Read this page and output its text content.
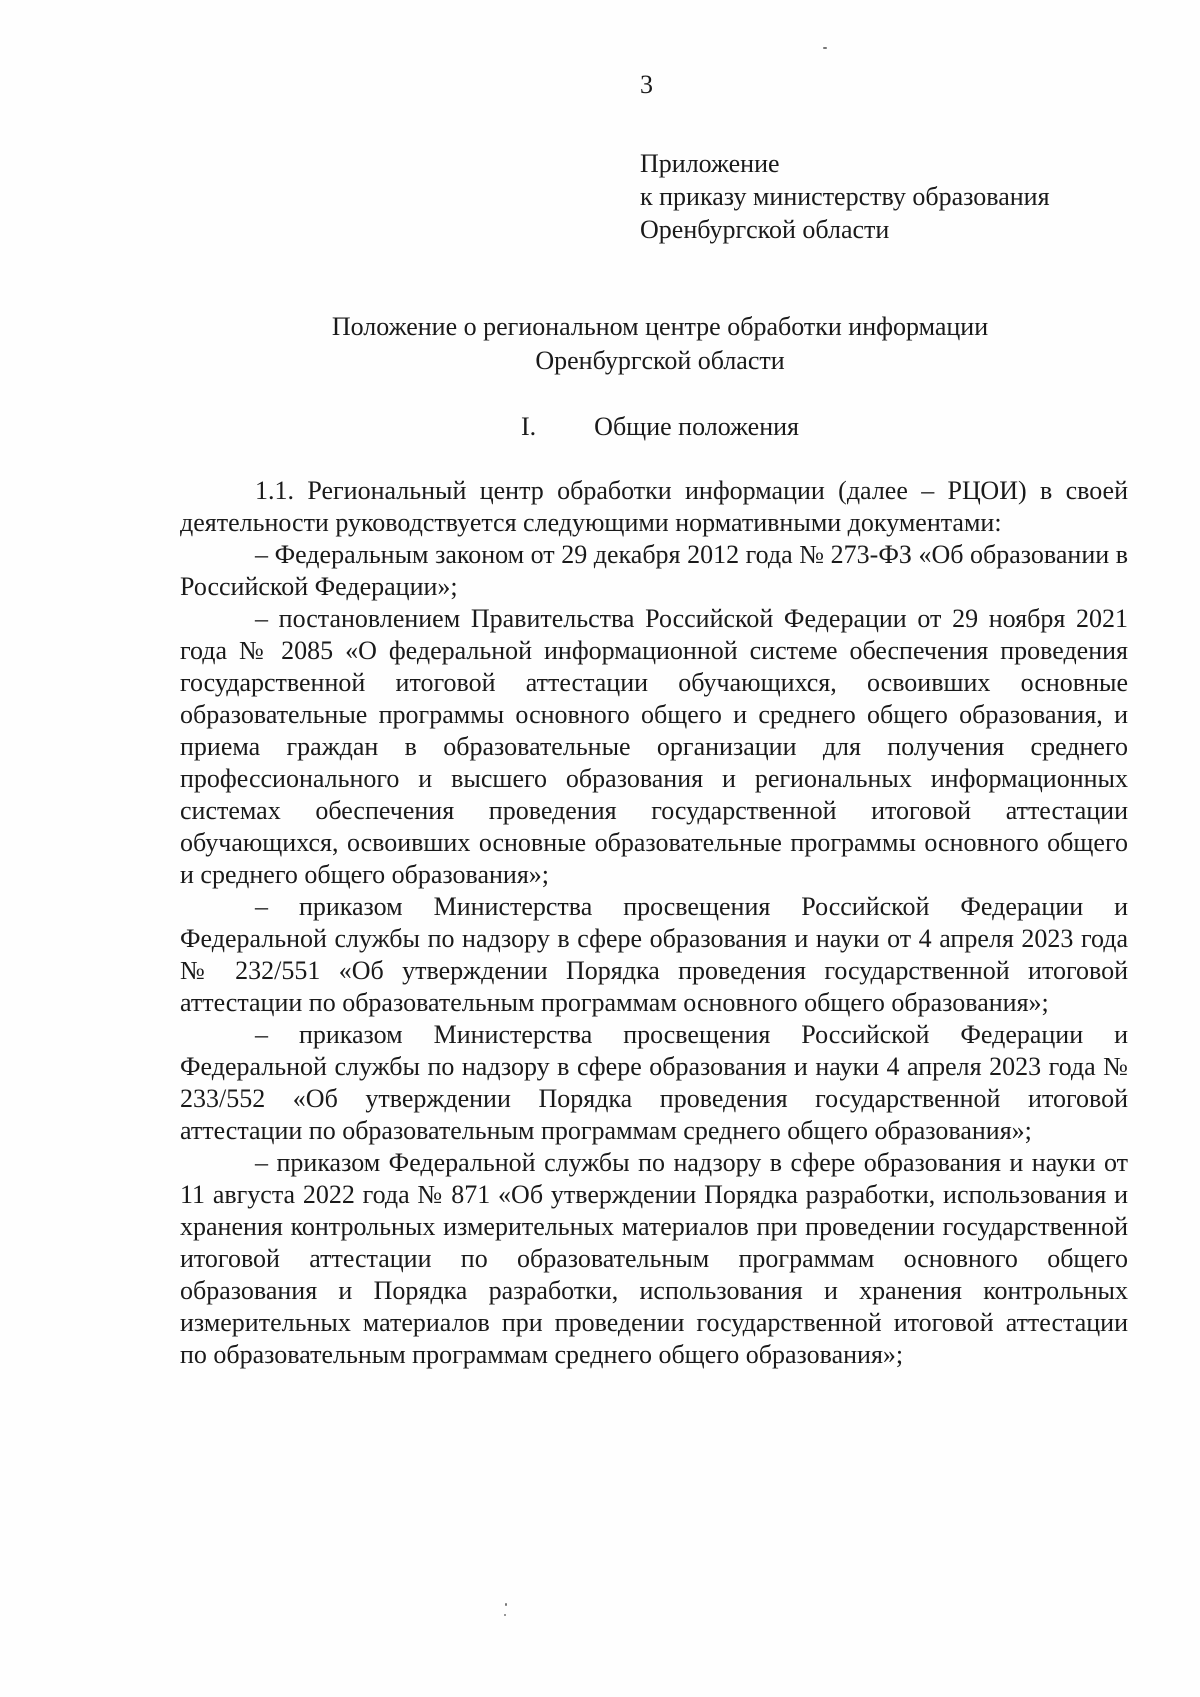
3
Приложение
к приказу министерству образования
Оренбургской области
Положение о региональном центре обработки информации
Оренбургской области
I. Общие положения

1.1. Региональный центр обработки информации (далее – РЦОИ) в своей деятельности руководствуется следующими нормативными документами:

– Федеральным законом от 29 декабря 2012 года № 273-ФЗ «Об образовании в Российской Федерации»;

– постановлением Правительства Российской Федерации от 29 ноября 2021 года № 2085 «О федеральной информационной системе обеспечения проведения государственной итоговой аттестации обучающихся, освоивших основные образовательные программы основного общего и среднего общего образования, и приема граждан в образовательные организации для получения среднего профессионального и высшего образования и региональных информационных системах обеспечения проведения государственной итоговой аттестации обучающихся, освоивших основные образовательные программы основного общего и среднего общего образования»;

– приказом Министерства просвещения Российской Федерации и Федеральной службы по надзору в сфере образования и науки от 4 апреля 2023 года № 232/551 «Об утверждении Порядка проведения государственной итоговой аттестации по образовательным программам основного общего образования»;

– приказом Министерства просвещения Российской Федерации и Федеральной службы по надзору в сфере образования и науки 4 апреля 2023 года № 233/552 «Об утверждении Порядка проведения государственной итоговой аттестации по образовательным программам среднего общего образования»;

– приказом Федеральной службы по надзору в сфере образования и науки от 11 августа 2022 года № 871 «Об утверждении Порядка разработки, использования и хранения контрольных измерительных материалов при проведении государственной итоговой аттестации по образовательным программам основного общего образования и Порядка разработки, использования и хранения контрольных измерительных материалов при проведении государственной итоговой аттестации по образовательным программам среднего общего образования»;
